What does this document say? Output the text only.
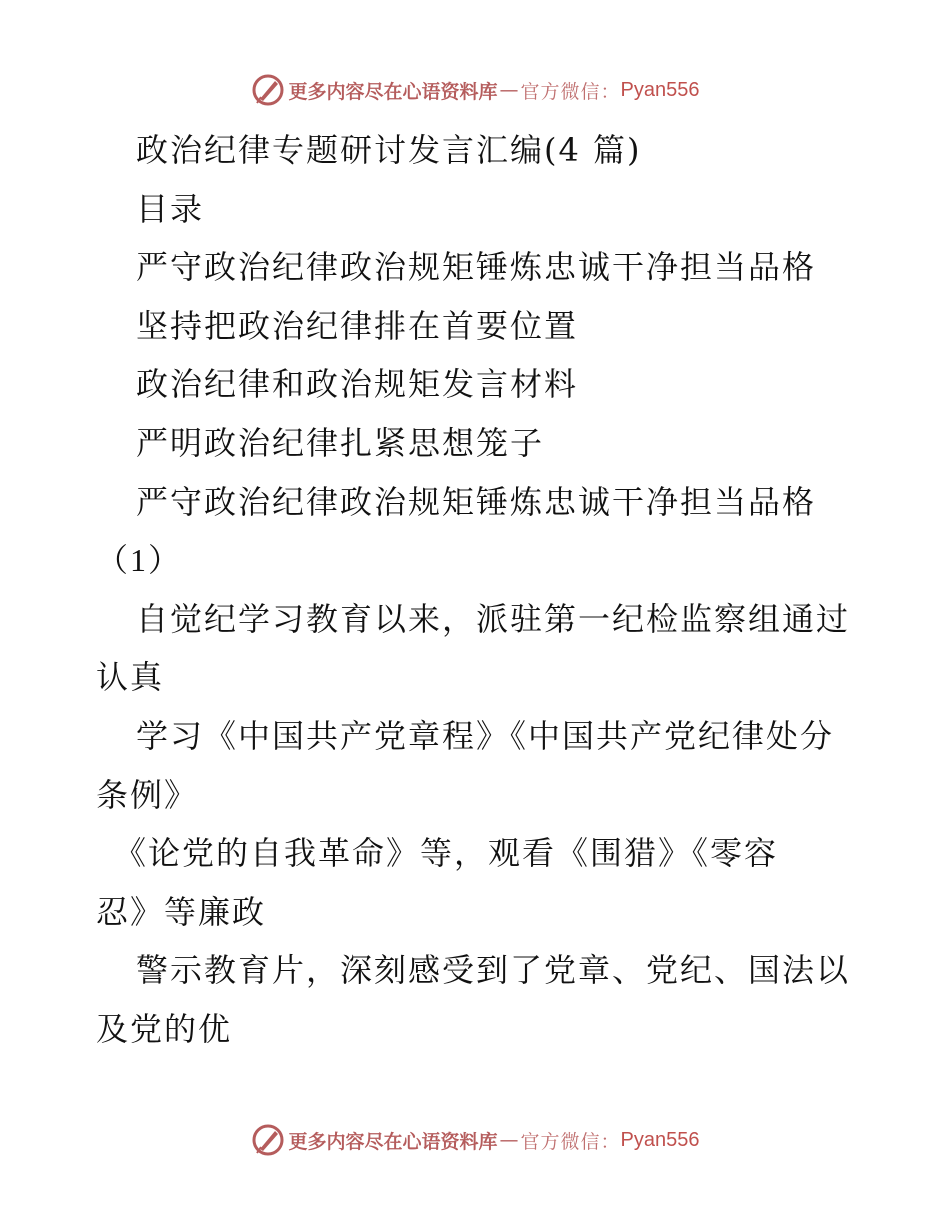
更多内容尽在心语资料库 — 官方微信： Pyan556
政治纪律专题研讨发言汇编(4 篇)
目录
严守政治纪律政治规矩锤炼忠诚干净担当品格
坚持把政治纪律排在首要位置
政治纪律和政治规矩发言材料
严明政治纪律扎紧思想笼子
严守政治纪律政治规矩锤炼忠诚干净担当品格
（1）
自觉纪学习教育以来，派驻第一纪检监察组通过
认真
学习《中国共产党章程》《中国共产党纪律处分
条例》
《论党的自我革命》等，观看《围猎》《零容
忍》等廉政
警示教育片，深刻感受到了党章、党纪、国法以
及党的优
更多内容尽在心语资料库 — 官方微信： Pyan556
